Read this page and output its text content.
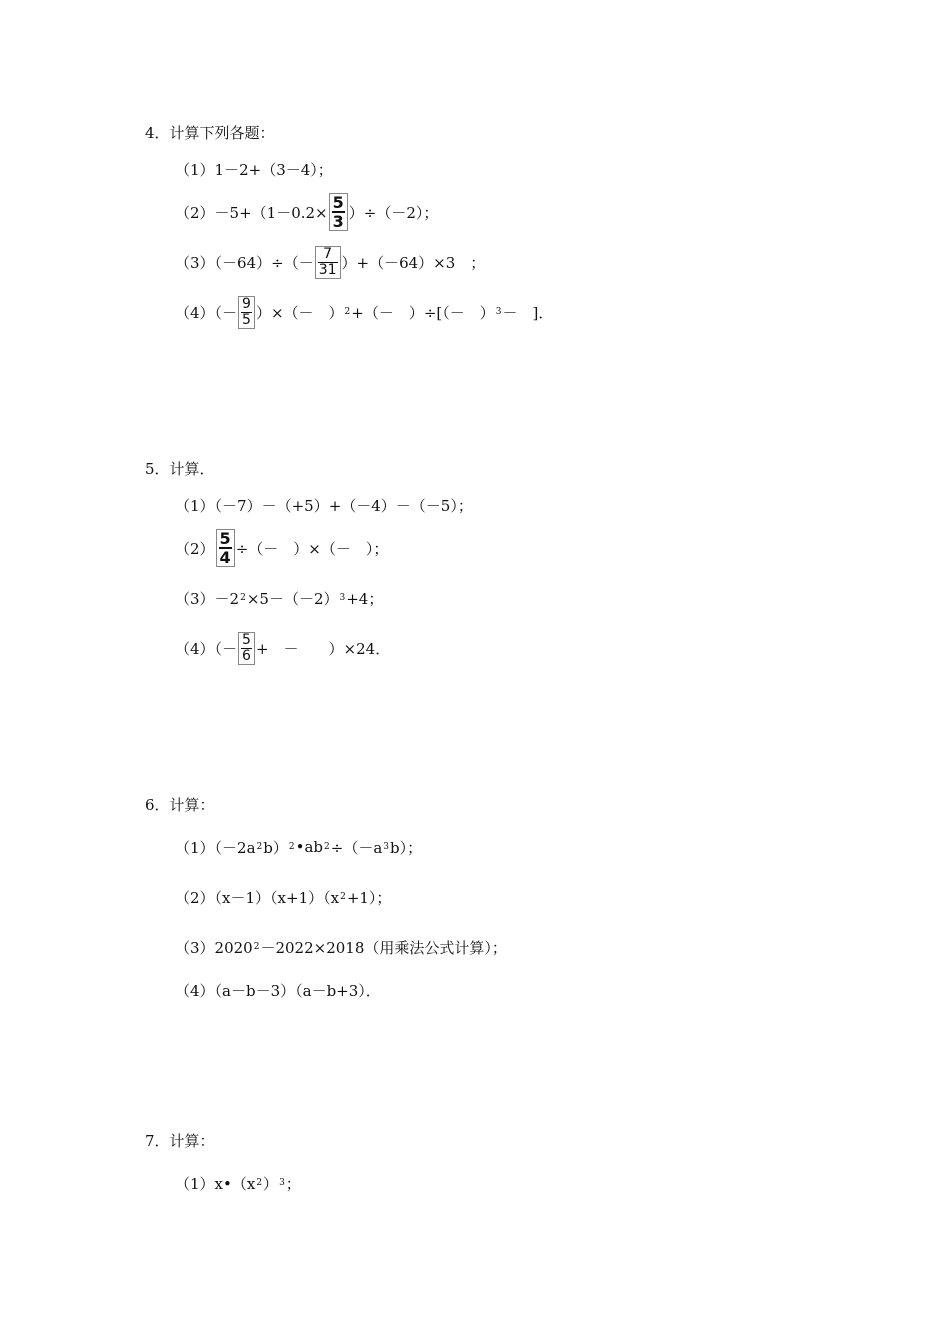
4．计算下列各题：
（1）1－2+（3－4）；
$(2)-5+(1-0.2\times \frac{5}{3} )\div(-2)$；
$(3)(-64)\div(- \frac{7}{31} )+(-64)\times 3$　；
$(4)(- \frac{9}{5}$ ）×（－　） 2 +（－　）÷[（－　） 3 －　]．
5．计算．
（1）（－7）－（+5）+（－4）－（－5）；
$(2) \frac{5}{4}$ ÷（－　）×（－　）；
（3）－2 2 ×5－（－2） 3 +4；
$(4)(- \frac{5}{6}$ +　－　　）×24．
6．计算：
（1）（－2a 2 b） 2 •ab 2 ÷（－a 3 b）；
（2）（x－1）（x+1）（x 2 +1）；
（3）2020 2 －2022×2018（用乘法公式计算）；
（4）（a－b－3）（a－b+3）．
7．计算：
（1）x•（x 2 ） 3 ；
